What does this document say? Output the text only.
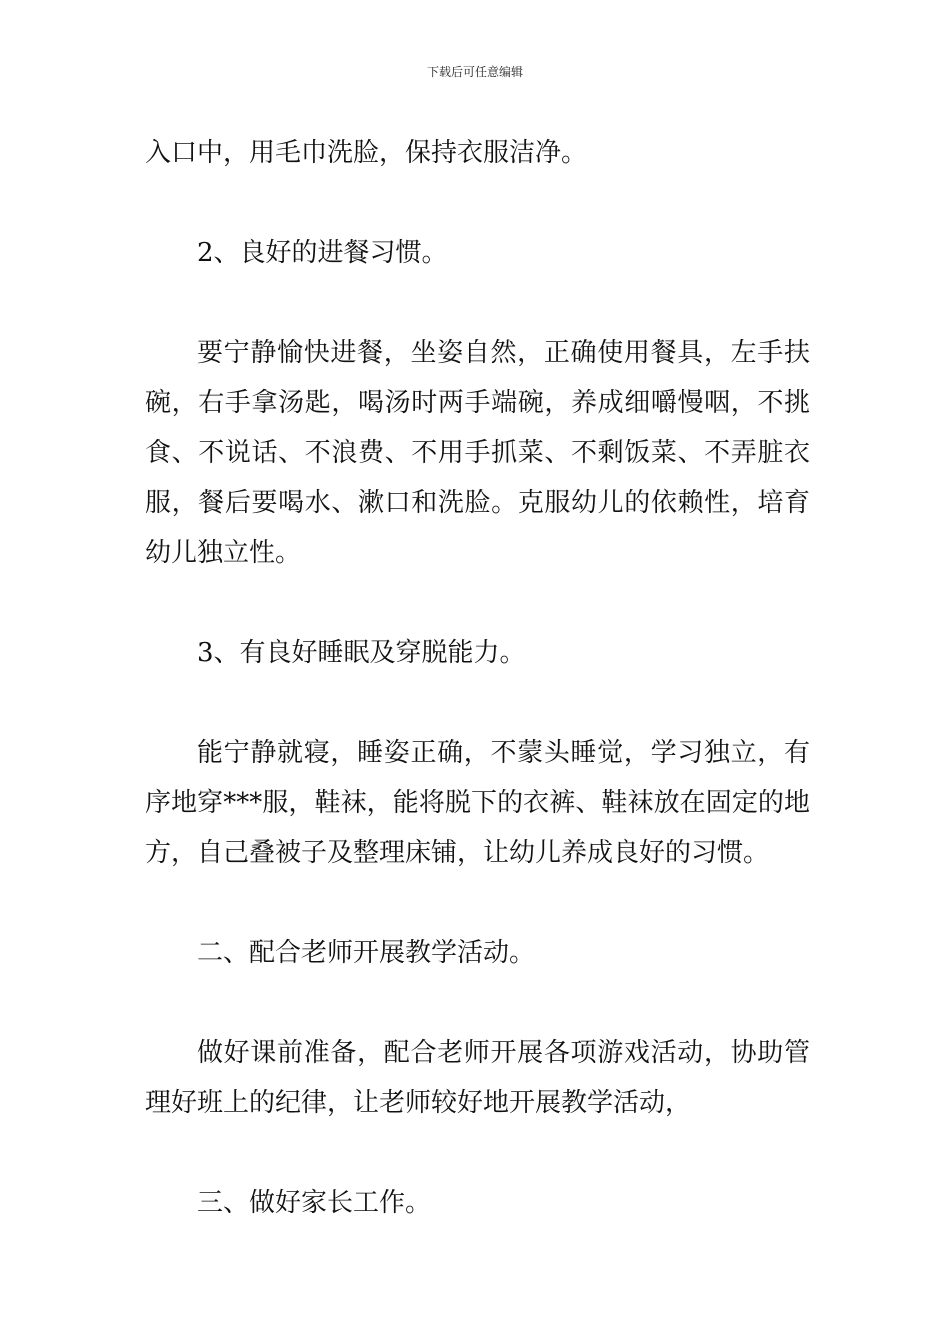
下载后可任意编辑

入口中，用毛巾洗脸，保持衣服洁净。

2、良好的进餐习惯。

要宁静愉快进餐，坐姿自然，正确使用餐具，左手扶碗，右手拿汤匙，喝汤时两手端碗，养成细嚼慢咽，不挑食、不说话、不浪费、不用手抓菜、不剩饭菜、不弄脏衣服，餐后要喝水、漱口和洗脸。克服幼儿的依赖性，培育幼儿独立性。

3、有良好睡眠及穿脱能力。

能宁静就寝，睡姿正确，不蒙头睡觉，学习独立，有序地穿***服，鞋袜，能将脱下的衣裤、鞋袜放在固定的地方，自己叠被子及整理床铺，让幼儿养成良好的习惯。

二、配合老师开展教学活动。

做好课前准备，配合老师开展各项游戏活动，协助管理好班上的纪律，让老师较好地开展教学活动，

三、做好家长工作。
